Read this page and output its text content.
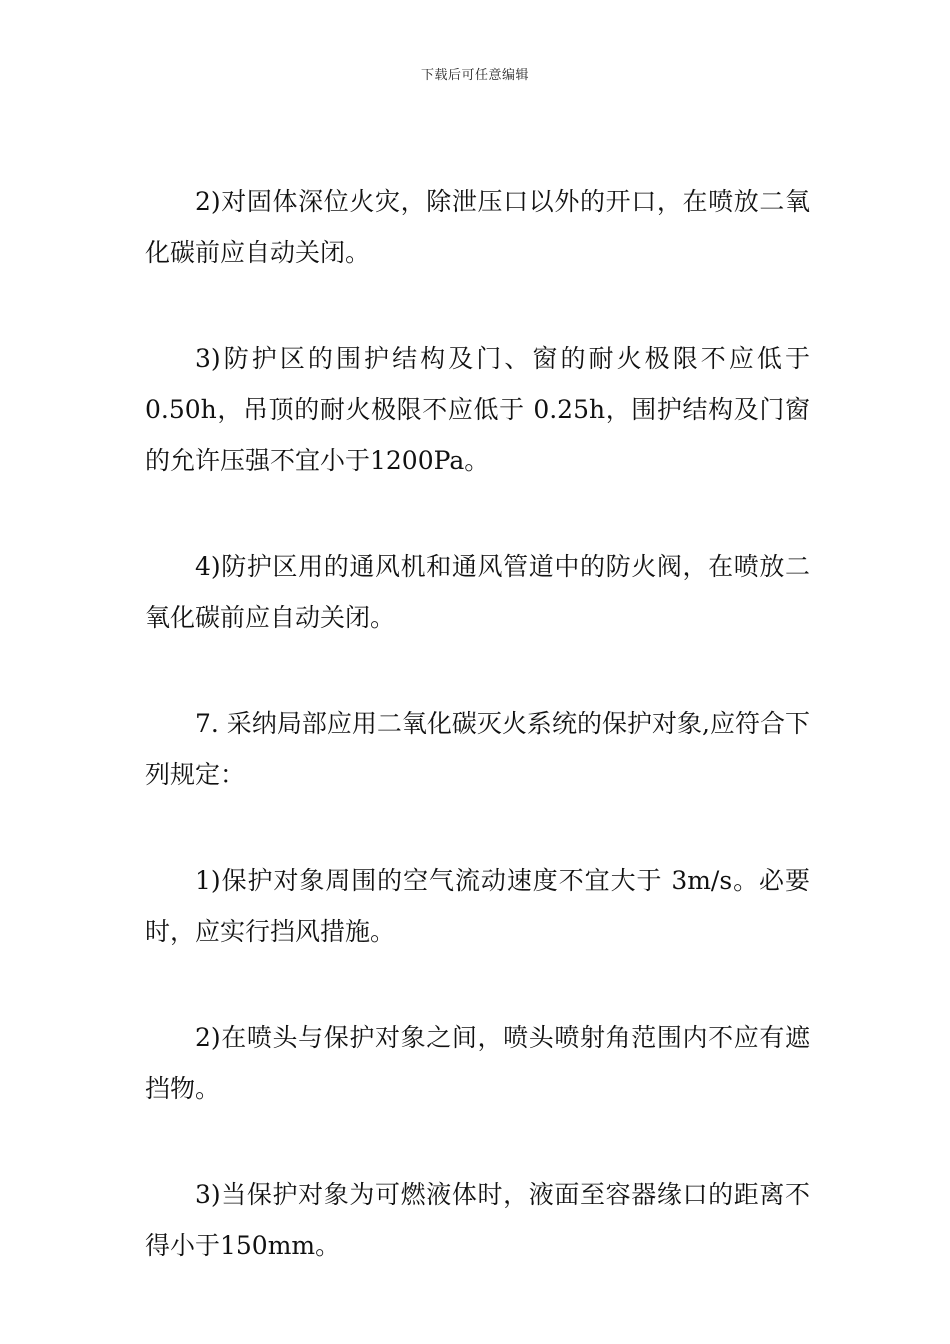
下载后可任意编辑

2)对固体深位火灾，除泄压口以外的开口，在喷放二氧化碳前应自动关闭。

3)防护区的围护结构及门、窗的耐火极限不应低于0.50h，吊顶的耐火极限不应低于 0.25h，围护结构及门窗的允许压强不宜小于1200Pa。

4)防护区用的通风机和通风管道中的防火阀，在喷放二氧化碳前应自动关闭。

7. 采纳局部应用二氧化碳灭火系统的保护对象,应符合下列规定：

1)保护对象周围的空气流动速度不宜大于 3m/s。必要时，应实行挡风措施。

2)在喷头与保护对象之间，喷头喷射角范围内不应有遮挡物。

3)当保护对象为可燃液体时，液面至容器缘口的距离不得小于150mm。
